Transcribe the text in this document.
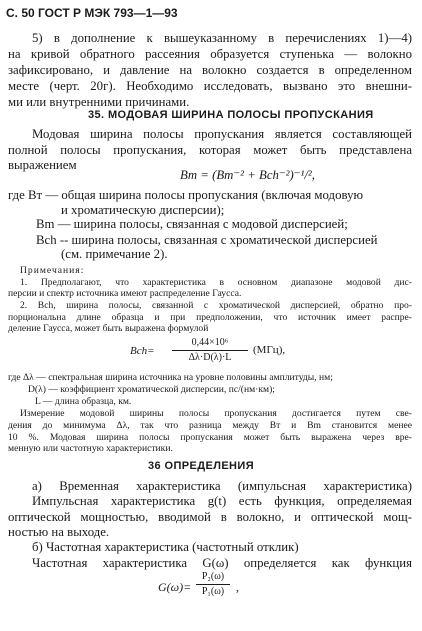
С. 50 ГОСТ Р МЭК 793—1—93
5) в дополнение к вышеуказанному в перечислениях 1)—4)
на кривой обратного рассеяния образуется ступенька — волокно
зафиксировано, и давление на волокно создается в определенном
месте (черт. 20г). Необходимо исследовать, вызвано это внешни-
ми или внутренними причинами.
35. МОДОВАЯ ШИРИНА ПОЛОСЫ ПРОПУСКАНИЯ
Модовая ширина полосы пропускания является составляющей
полной полосы пропускания, которая может быть представлена
выражением
Bт = (Bm⁻² + Bch⁻²)⁻¹/²,
где Bт — общая ширина полосы пропускания (включая модовую
и хроматическую дисперсии);
Bm — ширина полосы, связанная с модовой дисперсией;
Bch -- ширина полосы, связанная с хроматической дисперсией
(см. примечание 2).
Примечания:
1. Предполагают, что характеристика в основном диапазоне модовой дис-
персии и спектр источника имеют распределение Гаусса.
2. Bch, ширина полосы, связанной с хроматической дисперсией, обратно про-
порциональна длине образца и при предположении, что источник имеет распре-
деление Гаусса, может быть выражена формулой
Bch=
0,44×10⁶
Δλ·D(λ)·L
(МГц),
где Δλ — спектральная ширина источника на уровне половины амплитуды, нм;
D(λ) — коэффициент хроматической дисперсии, пс/(нм·км);
L — длина образца, км.
Измерение модовой ширины полосы пропускания достигается путем све-
дения до минимума Δλ, так что разница между Bт и Bm становится менее
10 %. Модовая ширина полосы пропускания может быть выражена через вре-
менную или частотную характеристики.
36 ОПРЕДЕЛЕНИЯ
а) Временная характеристика (импульсная характеристика)
Импульсная характеристика g(t) есть функция, определяемая
оптической мощностью, вводимой в волокно, и оптической мощ-
ностью на выходе.
б) Частотная характеристика (частотный отклик)
Частотная характеристика G(ω) определяется как функция
G(ω)=
P₂(ω)
P₁(ω) ,
